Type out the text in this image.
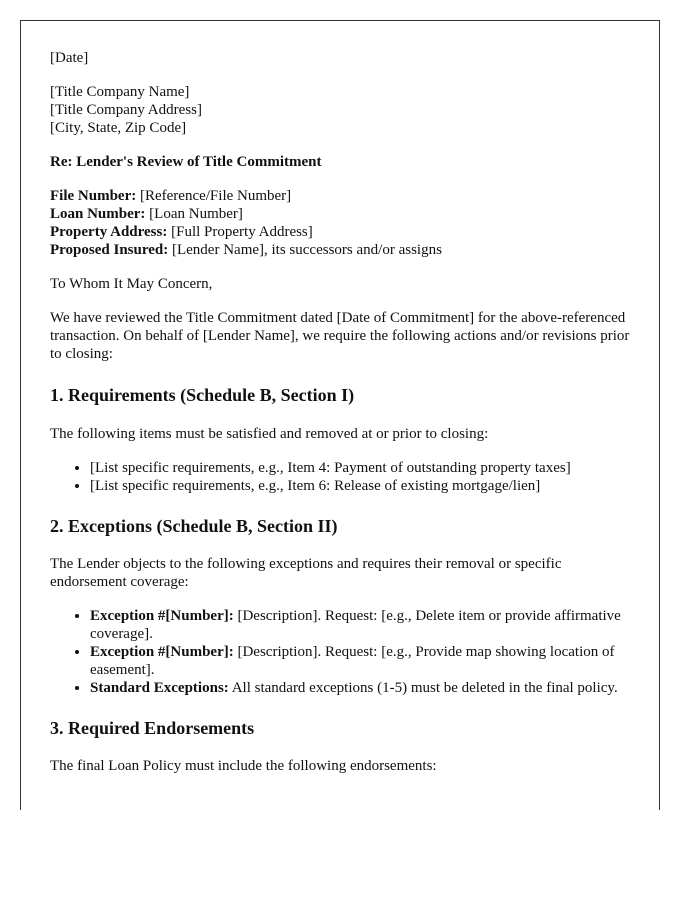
[Date]

[Title Company Name]

[Title Company Address]

[City, State, Zip Code]

Re: Lender's Review of Title Commitment

File Number: [Reference/File Number]

Loan Number: [Loan Number]

Property Address: [Full Property Address]

Proposed Insured: [Lender Name], its successors and/or assigns

To Whom It May Concern,

We have reviewed the Title Commitment dated [Date of Commitment] for the above-referenced transaction. On behalf of [Lender Name], we require the following actions and/or revisions prior to closing:

1. Requirements (Schedule B, Section I)

The following items must be satisfied and removed at or prior to closing:

• [List specific requirements, e.g., Item 4: Payment of outstanding property taxes]
• [List specific requirements, e.g., Item 6: Release of existing mortgage/lien]
2. Exceptions (Schedule B, Section II)

The Lender objects to the following exceptions and requires their removal or specific endorsement coverage:

• Exception #[Number]: [Description]. Request: [e.g., Delete item or provide affirmative coverage].
• Exception #[Number]: [Description]. Request: [e.g., Provide map showing location of easement].
• Standard Exceptions: All standard exceptions (1-5) must be deleted in the final policy.
3. Required Endorsements

The final Loan Policy must include the following endorsements:
